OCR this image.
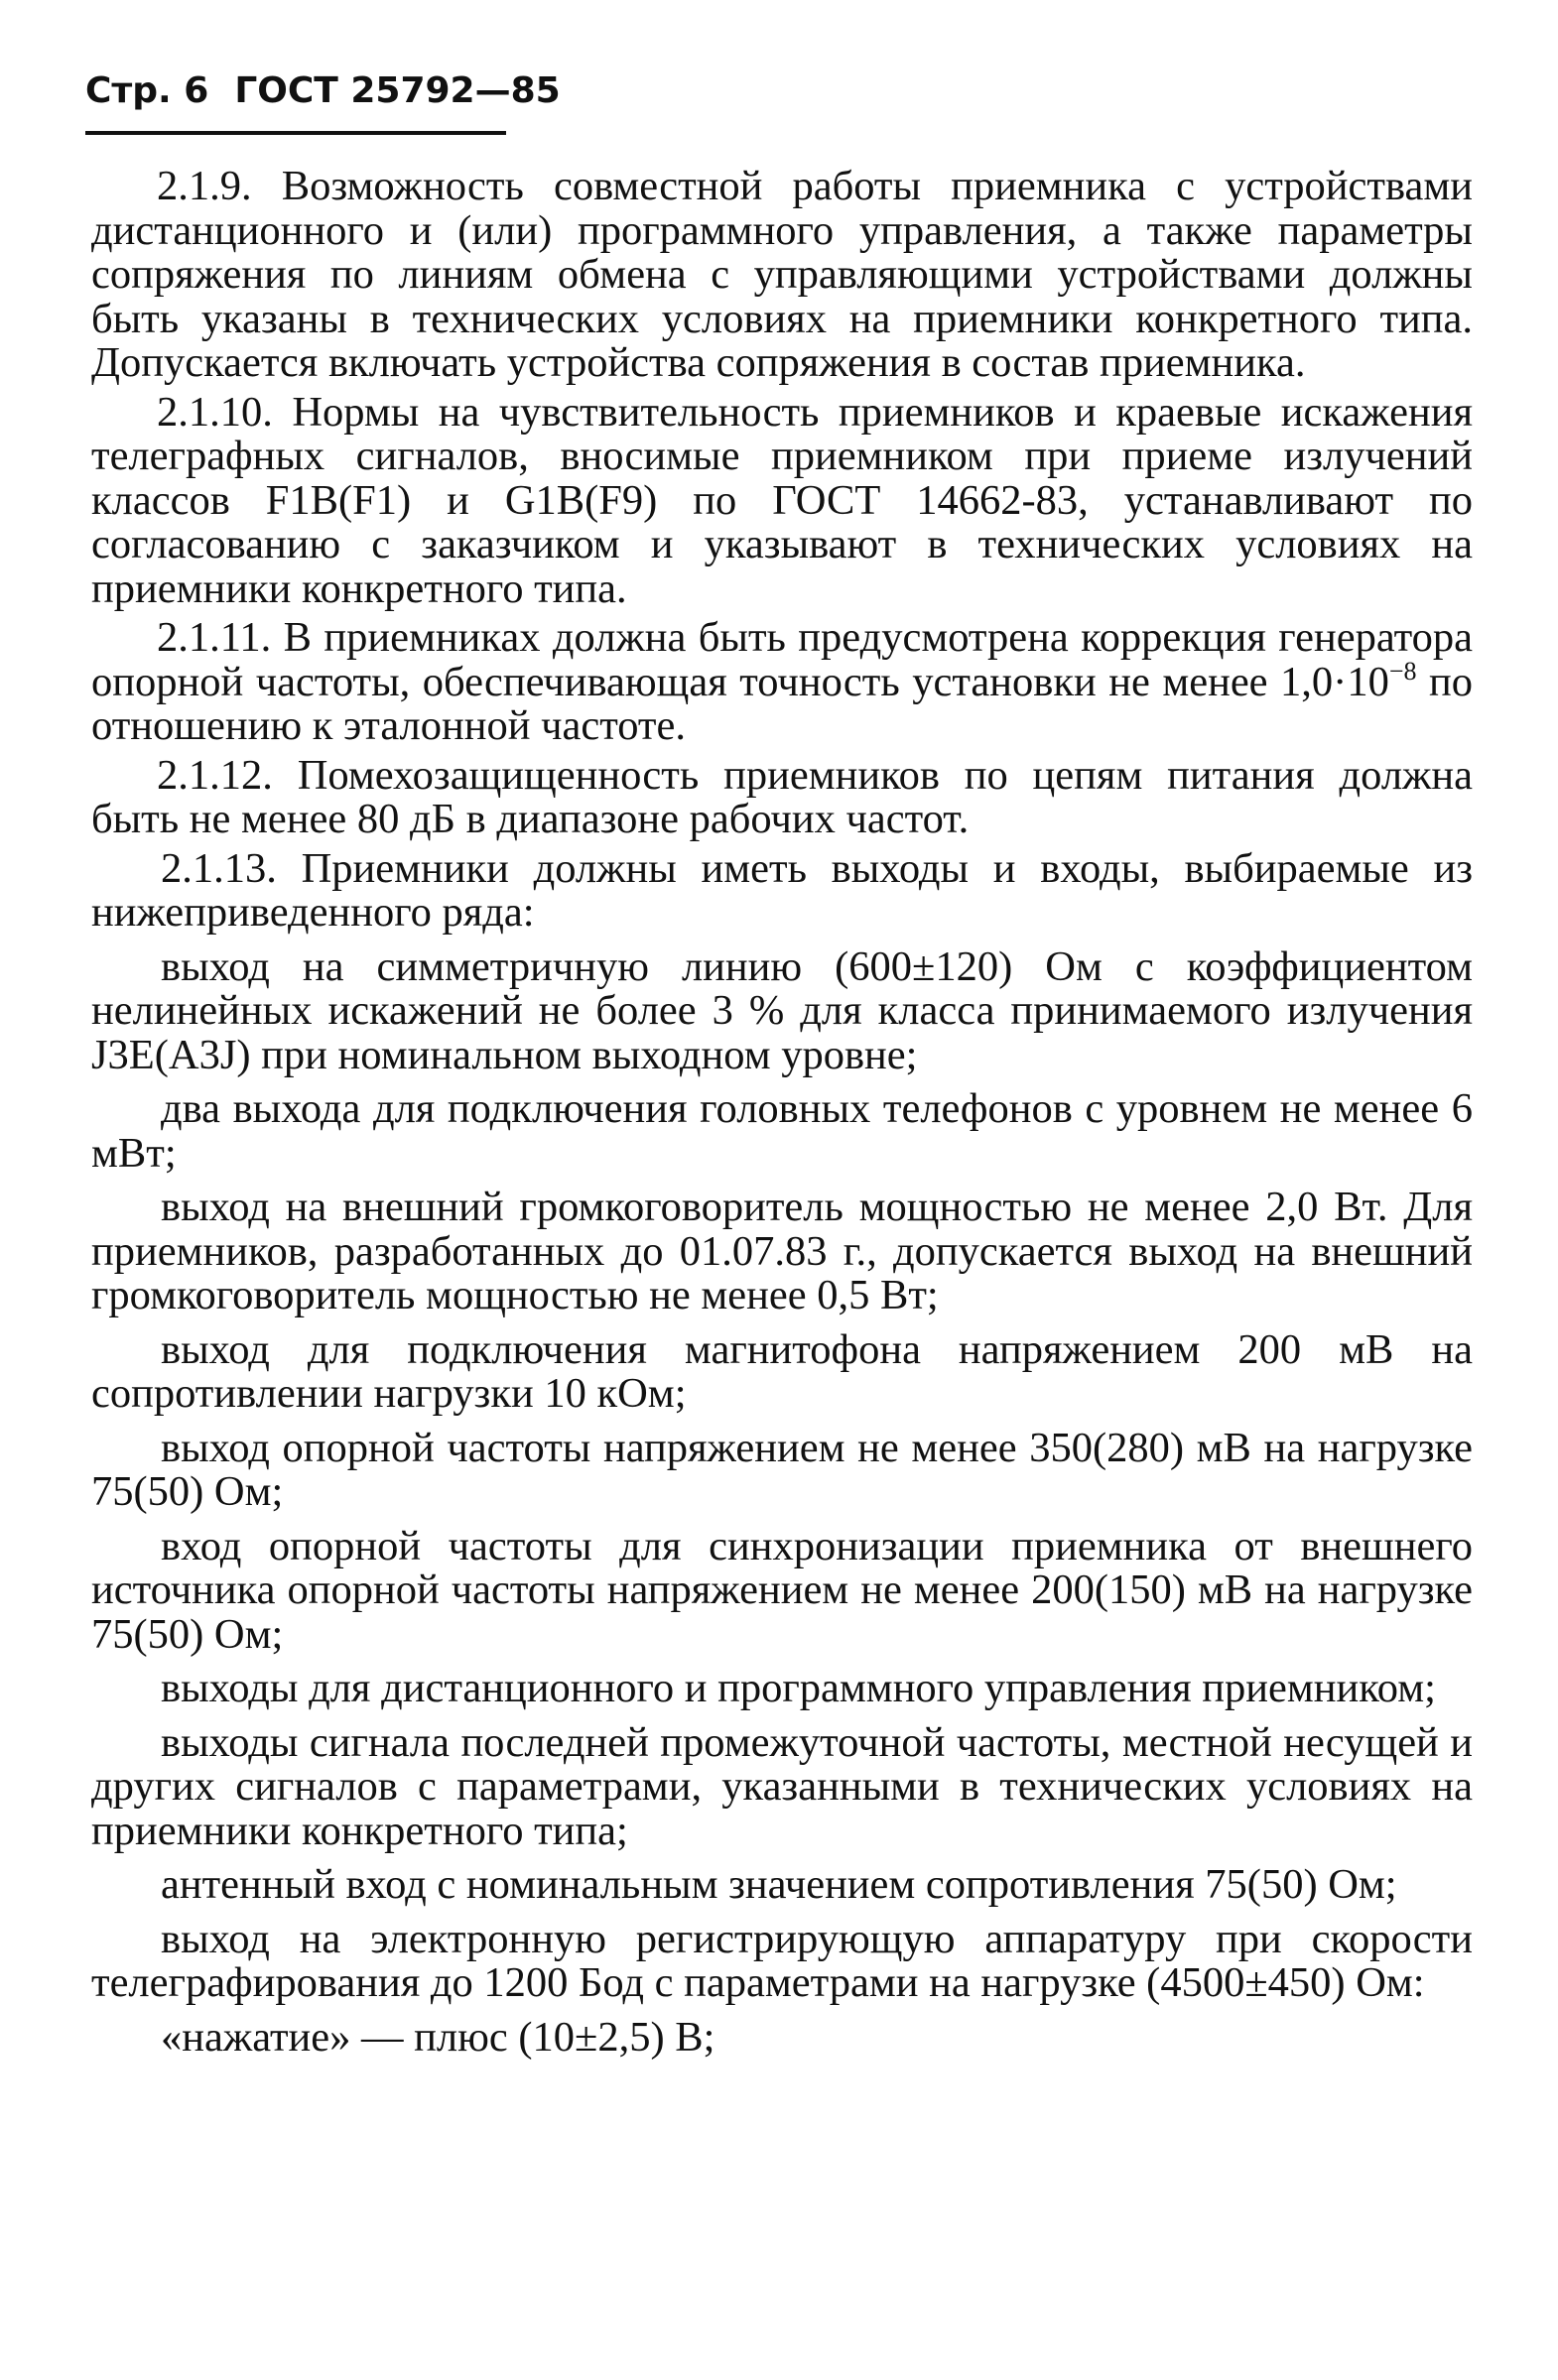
Стр. 6 ГОСТ 25792—85

2.1.9. Возможность совместной работы приемника с устройствами дистанционного и (или) программного управления, а также параметры сопряжения по линиям обмена с управляющими устройствами должны быть указаны в технических условиях на приемники конкретного типа. Допускается включать устройства сопряжения в состав приемника.

2.1.10. Нормы на чувствительность приемников и краевые искажения телеграфных сигналов, вносимые приемником при приеме излучений классов F1B(F1) и G1B(F9) по ГОСТ 14662-83, устанавливают по согласованию с заказчиком и указывают в технических условиях на приемники конкретного типа.

2.1.11. В приемниках должна быть предусмотрена коррекция генератора опорной частоты, обеспечивающая точность установки не менее $1,0\cdot 10^{-8}$ по отношению к эталонной частоте.

2.1.12. Помехозащищенность приемников по цепям питания должна быть не менее 80 дБ в диапазоне рабочих частот.

2.1.13. Приемники должны иметь выходы и входы, выбираемые из нижеприведенного ряда:

выход на симметричную линию (600±120) Ом с коэффициентом нелинейных искажений не более 3 % для класса принимаемого излучения J3E(A3J) при номинальном выходном уровне;

два выхода для подключения головных телефонов с уровнем не менее 6 мВт;

выход на внешний громкоговоритель мощностью не менее 2,0 Вт. Для приемников, разработанных до 01.07.83 г., допускается выход на внешний громкоговоритель мощностью не менее 0,5 Вт;

выход для подключения магнитофона напряжением 200 мВ на сопротивлении нагрузки 10 кОм;

выход опорной частоты напряжением не менее 350(280) мВ на нагрузке 75(50) Ом;

вход опорной частоты для синхронизации приемника от внешнего источника опорной частоты напряжением не менее 200(150) мВ на нагрузке 75(50) Ом;

выходы для дистанционного и программного управления приемником;

выходы сигнала последней промежуточной частоты, местной несущей и других сигналов с параметрами, указанными в технических условиях на приемники конкретного типа;

антенный вход с номинальным значением сопротивления 75(50) Ом;

выход на электронную регистрирующую аппаратуру при скорости телеграфирования до 1200 Бод с параметрами на нагрузке (4500±450) Ом:

«нажатие» — плюс (10±2,5) В;
